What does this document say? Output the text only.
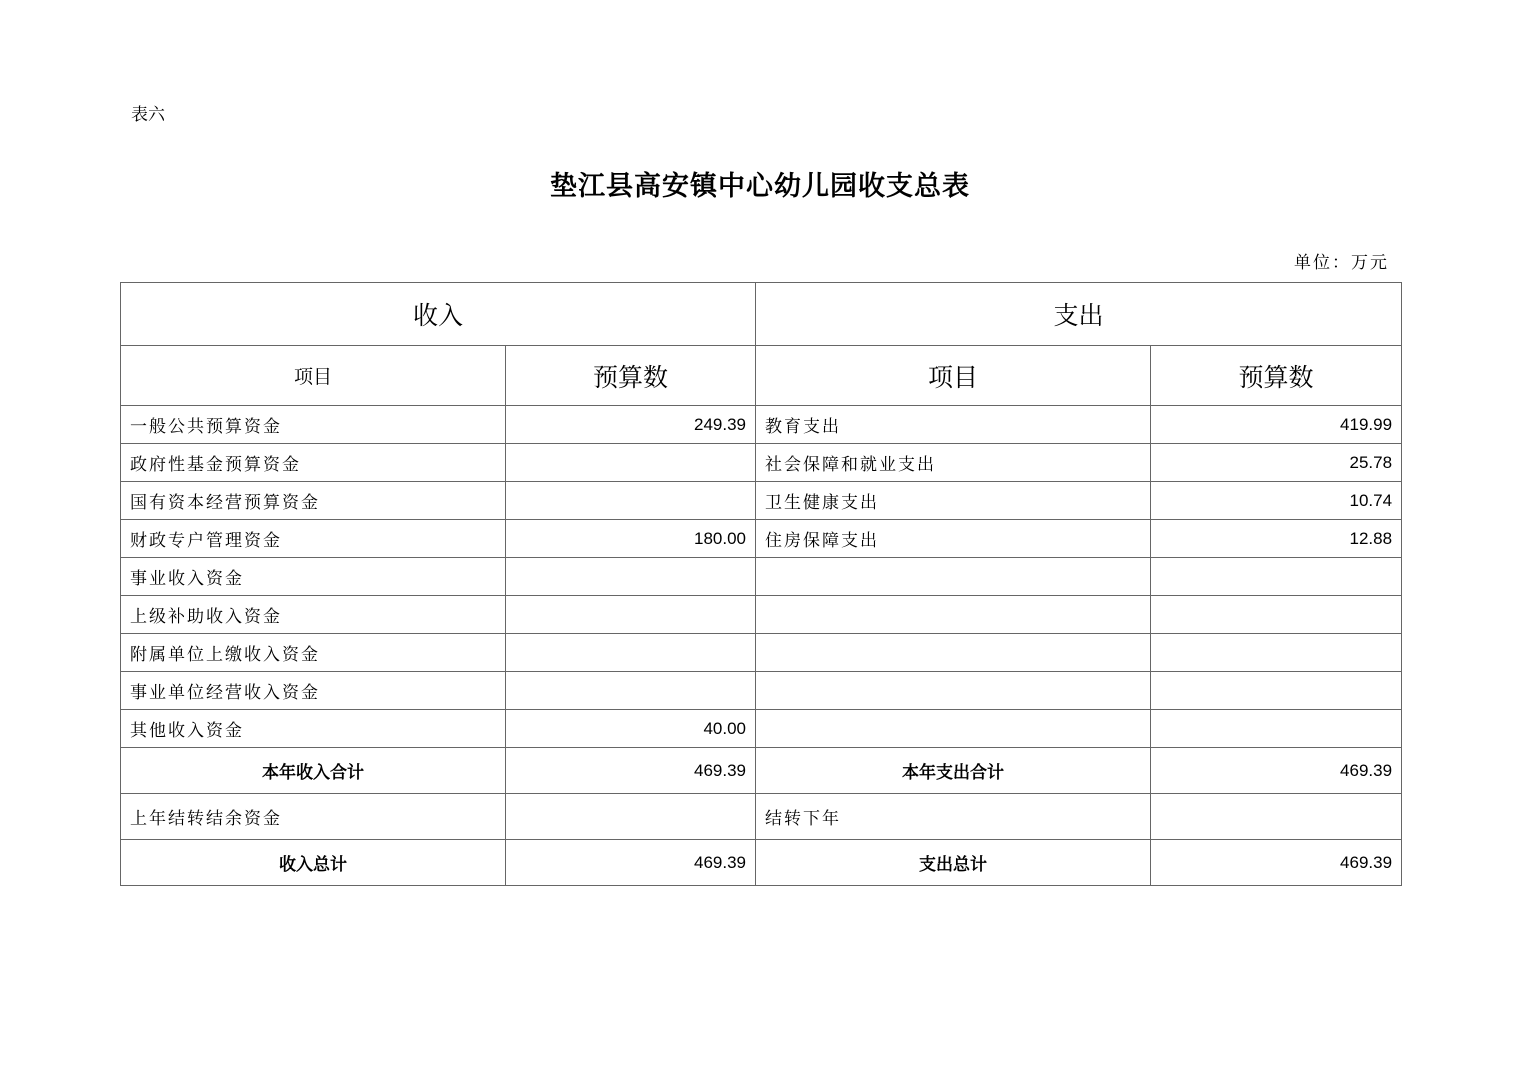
表六
垫江县高安镇中心幼儿园收支总表
单位：万元
收入		支出	
项目	预算数	项目	预算数
一般公共预算资金	249.39	教育支出	419.99
政府性基金预算资金		社会保障和就业支出	25.78
国有资本经营预算资金		卫生健康支出	10.74
财政专户管理资金	180.00	住房保障支出	12.88
事业收入资金			
上级补助收入资金			
附属单位上缴收入资金			
事业单位经营收入资金			
其他收入资金	40.00		
本年收入合计	469.39	本年支出合计	469.39
上年结转结余资金		结转下年	
收入总计	469.39	支出总计	469.39
